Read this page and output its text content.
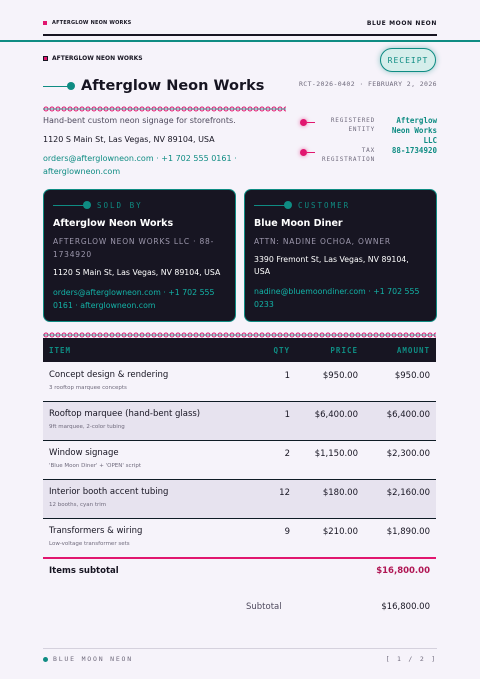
AFTERGLOW NEON WORKS	BLUE MOON NEON
AFTERGLOW NEON WORKS	RECEIPT
Afterglow Neon Works	RCT-2026-0402 · FEBRUARY 2, 2026
Hand-bent custom neon signage for storefronts.
1120 S Main St, Las Vegas, NV 89104, USA
orders@afterglowneon.com · +1 702 555 0161 · afterglowneon.com
REGISTERED ENTITY
Afterglow Neon Works LLC
TAX REGISTRATION
88-1734920
SOLD BY
Afterglow Neon Works
AFTERGLOW NEON WORKS LLC · 88-1734920
1120 S Main St, Las Vegas, NV 89104, USA
orders@afterglowneon.com · +1 702 555 0161 · afterglowneon.com
CUSTOMER
Blue Moon Diner
ATTN: NADINE OCHOA, OWNER
3390 Fremont St, Las Vegas, NV 89104, USA
nadine@bluemoondiner.com · +1 702 555 0233
ITEM	QTY	PRICE	AMOUNT
Concept design & rendering
3 rooftop marquee concepts
1	$950.00	$950.00
Rooftop marquee (hand-bent glass)
9ft marquee, 2-color tubing
1	$6,400.00	$6,400.00
Window signage
'Blue Moon Diner' + 'OPEN' script
2	$1,150.00	$2,300.00
Interior booth accent tubing
12 booths, cyan trim
12	$180.00	$2,160.00
Transformers & wiring
Low-voltage transformer sets
9	$210.00	$1,890.00
Items subtotal	$16,800.00
Subtotal	$16,800.00
BLUE MOON NEON	[ 1 / 2 ]
